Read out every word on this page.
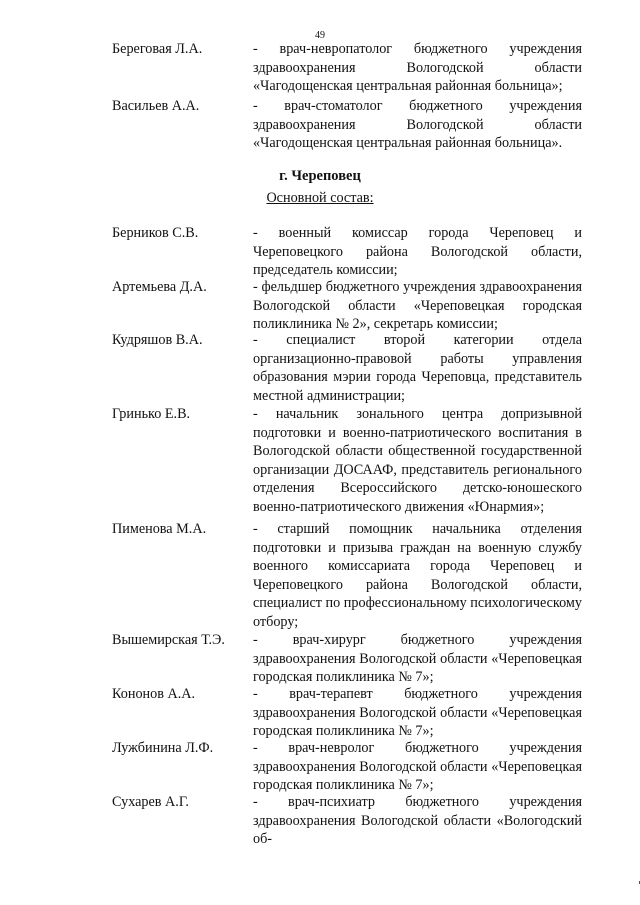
49
Береговая Л.А.	- врач-невропатолог бюджетного учреждения здравоохранения Вологодской области «Чагодощенская центральная районная больница»;
Васильев А.А.	- врач-стоматолог бюджетного учреждения здравоохранения Вологодской области «Чагодощенская центральная районная больница».
г. Череповец
Основной состав:
Берников С.В.	- военный комиссар города Череповец и Череповецкого района Вологодской области, председатель комиссии;
Артемьева Д.А.	- фельдшер бюджетного учреждения здравоохранения Вологодской области «Череповецкая городская поликлиника № 2», секретарь комиссии;
Кудряшов В.А.	- специалист второй категории отдела организационно-правовой работы управления образования мэрии города Череповца, представитель местной администрации;
Гринько Е.В.	- начальник зонального центра допризывной подготовки и военно-патриотического воспитания в Вологодской области общественной государственной организации ДОСААФ, представитель регионального отделения Всероссийского детско-юношеского военно-патриотического движения «Юнармия»;
Пименова М.А.	- старший помощник начальника отделения подготовки и призыва граждан на военную службу военного комиссариата города Череповец и Череповецкого района Вологодской области, специалист по профессиональному психологическому отбору;
Вышемирская Т.Э. - врач-хирург бюджетного учреждения здравоохранения Вологодской области «Череповецкая городская поликлиника № 7»;
Кононов А.А.	- врач-терапевт бюджетного учреждения здравоохранения Вологодской области «Череповецкая городская поликлиника № 7»;
Лужбинина Л.Ф.	- врач-невролог бюджетного учреждения здравоохранения Вологодской области «Череповецкая городская поликлиника № 7»;
Сухарев А.Г.	- врач-психиатр бюджетного учреждения здравоохранения Вологодской области «Вологодский об-
